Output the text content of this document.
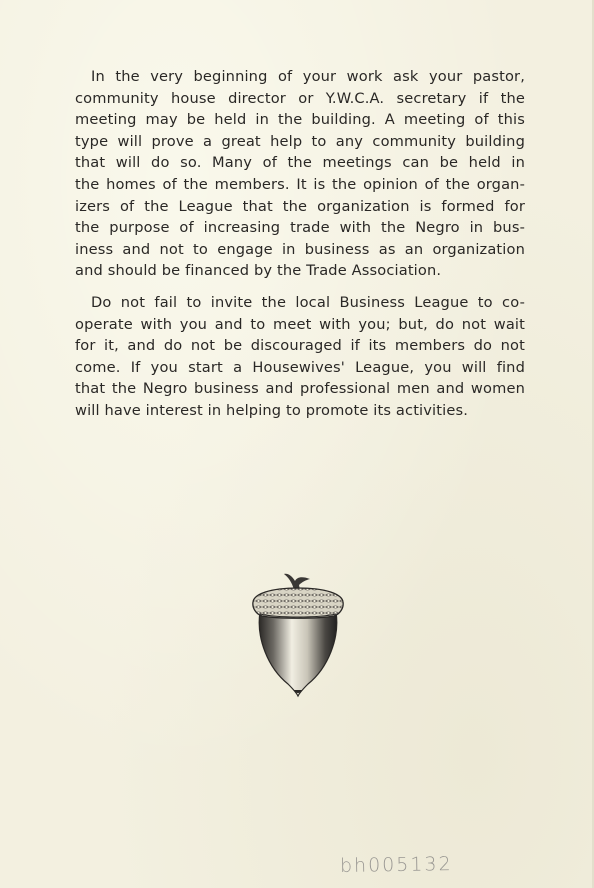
In the very beginning of your work ask your pastor,
community house director or Y.W.C.A. secretary if the
meeting may be held in the building. A meeting of this
type will prove a great help to any community building
that will do so. Many of the meetings can be held in
the homes of the members. It is the opinion of the organ-
izers of the League that the organization is formed for
the purpose of increasing trade with the Negro in bus-
iness and not to engage in business as an organization
and should be financed by the Trade Association.
Do not fail to invite the local Business League to co-
operate with you and to meet with you; but, do not wait
for it, and do not be discouraged if its members do not
come. If you start a Housewives' League, you will find
that the Negro business and professional men and women
will have interest in helping to promote its activities.
bh005132
